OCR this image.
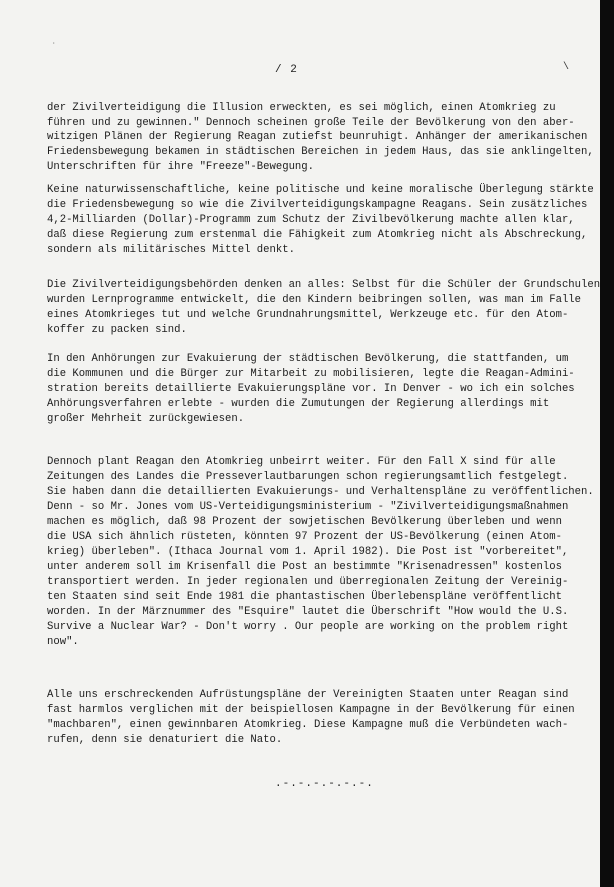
\
·
/ 2
der Zivilverteidigung die Illusion erweckten, es sei möglich, einen Atomkrieg zu
führen und zu gewinnen." Dennoch scheinen große Teile der Bevölkerung von den aber-
witzigen Plänen der Regierung Reagan zutiefst beunruhigt. Anhänger der amerikanischen
Friedensbewegung bekamen in städtischen Bereichen in jedem Haus, das sie anklingelten,
Unterschriften für ihre "Freeze"-Bewegung.
Keine naturwissenschaftliche, keine politische und keine moralische Überlegung stärkte
die Friedensbewegung so wie die Zivilverteidigungskampagne Reagans. Sein zusätzliches
4,2-Milliarden (Dollar)-Programm zum Schutz der Zivilbevölkerung machte allen klar,
daß diese Regierung zum erstenmal die Fähigkeit zum Atomkrieg nicht als Abschreckung,
sondern als militärisches Mittel denkt.
Die Zivilverteidigungsbehörden denken an alles: Selbst für die Schüler der Grundschulen
wurden Lernprogramme entwickelt, die den Kindern beibringen sollen, was man im Falle
eines Atomkrieges tut und welche Grundnahrungsmittel, Werkzeuge etc. für den Atom-
koffer zu packen sind.
In den Anhörungen zur Evakuierung der städtischen Bevölkerung, die stattfanden, um
die Kommunen und die Bürger zur Mitarbeit zu mobilisieren, legte die Reagan-Admini-
stration bereits detaillierte Evakuierungspläne vor. In Denver - wo ich ein solches
Anhörungsverfahren erlebte - wurden die Zumutungen der Regierung allerdings mit
großer Mehrheit zurückgewiesen.
Dennoch plant Reagan den Atomkrieg unbeirrt weiter. Für den Fall X sind für alle
Zeitungen des Landes die Presseverlautbarungen schon regierungsamtlich festgelegt.
Sie haben dann die detaillierten Evakuierungs- und Verhaltenspläne zu veröffentlichen.
Denn - so Mr. Jones vom US-Verteidigungsministerium - "Zivilverteidigungsmaßnahmen
machen es möglich, daß 98 Prozent der sowjetischen Bevölkerung überleben und wenn
die USA sich ähnlich rüsteten, könnten 97 Prozent der US-Bevölkerung (einen Atom-
krieg) überleben". (Ithaca Journal vom 1. April 1982). Die Post ist "vorbereitet",
unter anderem soll im Krisenfall die Post an bestimmte "Krisenadressen" kostenlos
transportiert werden. In jeder regionalen und überregionalen Zeitung der Vereinig-
ten Staaten sind seit Ende 1981 die phantastischen Überlebenspläne veröffentlicht
worden. In der Märznummer des "Esquire" lautet die Überschrift "How would the U.S.
Survive a Nuclear War? - Don't worry . Our people are working on the problem right
now".
Alle uns erschreckenden Aufrüstungspläne der Vereinigten Staaten unter Reagan sind
fast harmlos verglichen mit der beispiellosen Kampagne in der Bevölkerung für einen
"machbaren", einen gewinnbaren Atomkrieg. Diese Kampagne muß die Verbündeten wach-
rufen, denn sie denaturiert die Nato.
.-.-.-.-.-.-.
